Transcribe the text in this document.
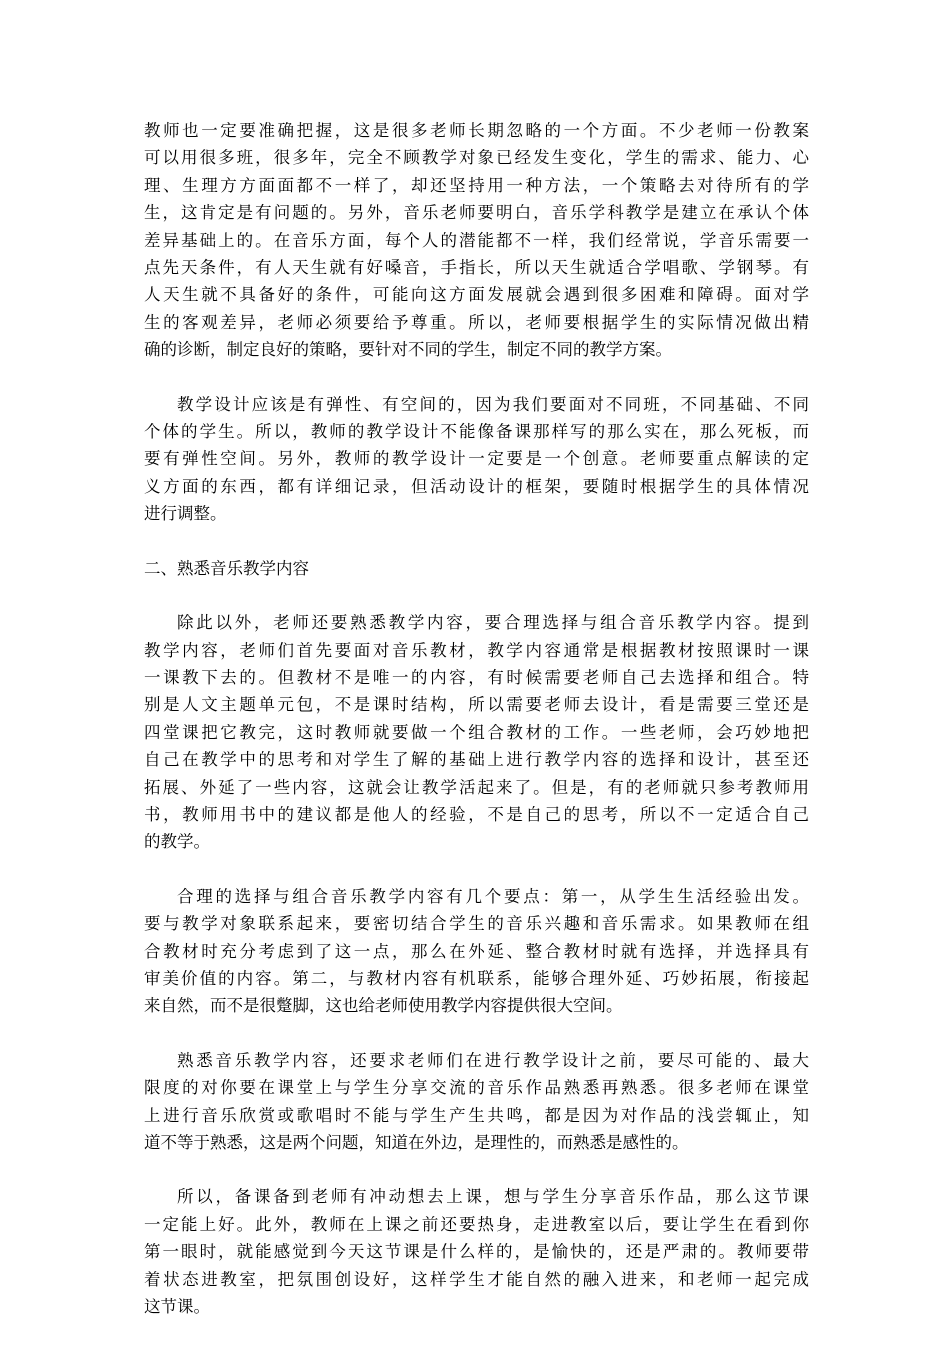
教师也一定要准确把握，这是很多老师长期忽略的一个方面。不少老师一份教案
可以用很多班，很多年，完全不顾教学对象已经发生变化，学生的需求、能力、心
理、生理方方面面都不一样了，却还坚持用一种方法，一个策略去对待所有的学
生，这肯定是有问题的。另外，音乐老师要明白，音乐学科教学是建立在承认个体
差异基础上的。在音乐方面，每个人的潜能都不一样，我们经常说，学音乐需要一
点先天条件，有人天生就有好嗓音，手指长，所以天生就适合学唱歌、学钢琴。有
人天生就不具备好的条件，可能向这方面发展就会遇到很多困难和障碍。面对学
生的客观差异，老师必须要给予尊重。所以，老师要根据学生的实际情况做出精
确的诊断，制定良好的策略，要针对不同的学生，制定不同的教学方案。
教学设计应该是有弹性、有空间的，因为我们要面对不同班，不同基础、不同
个体的学生。所以，教师的教学设计不能像备课那样写的那么实在，那么死板，而
要有弹性空间。另外，教师的教学设计一定要是一个创意。老师要重点解读的定
义方面的东西，都有详细记录，但活动设计的框架，要随时根据学生的具体情况
进行调整。
二、熟悉音乐教学内容
除此以外，老师还要熟悉教学内容，要合理选择与组合音乐教学内容。提到
教学内容，老师们首先要面对音乐教材，教学内容通常是根据教材按照课时一课
一课教下去的。但教材不是唯一的内容，有时候需要老师自己去选择和组合。特
别是人文主题单元包，不是课时结构，所以需要老师去设计，看是需要三堂还是
四堂课把它教完，这时教师就要做一个组合教材的工作。一些老师，会巧妙地把
自己在教学中的思考和对学生了解的基础上进行教学内容的选择和设计，甚至还
拓展、外延了一些内容，这就会让教学活起来了。但是，有的老师就只参考教师用
书，教师用书中的建议都是他人的经验，不是自己的思考，所以不一定适合自己
的教学。
合理的选择与组合音乐教学内容有几个要点：第一，从学生生活经验出发。
要与教学对象联系起来，要密切结合学生的音乐兴趣和音乐需求。如果教师在组
合教材时充分考虑到了这一点，那么在外延、整合教材时就有选择，并选择具有
审美价值的内容。第二，与教材内容有机联系，能够合理外延、巧妙拓展，衔接起
来自然，而不是很蹩脚，这也给老师使用教学内容提供很大空间。
熟悉音乐教学内容，还要求老师们在进行教学设计之前，要尽可能的、最大
限度的对你要在课堂上与学生分享交流的音乐作品熟悉再熟悉。很多老师在课堂
上进行音乐欣赏或歌唱时不能与学生产生共鸣，都是因为对作品的浅尝辄止，知
道不等于熟悉，这是两个问题，知道在外边，是理性的，而熟悉是感性的。
所以，备课备到老师有冲动想去上课，想与学生分享音乐作品，那么这节课
一定能上好。此外，教师在上课之前还要热身，走进教室以后，要让学生在看到你
第一眼时，就能感觉到今天这节课是什么样的，是愉快的，还是严肃的。教师要带
着状态进教室，把氛围创设好，这样学生才能自然的融入进来，和老师一起完成
这节课。
